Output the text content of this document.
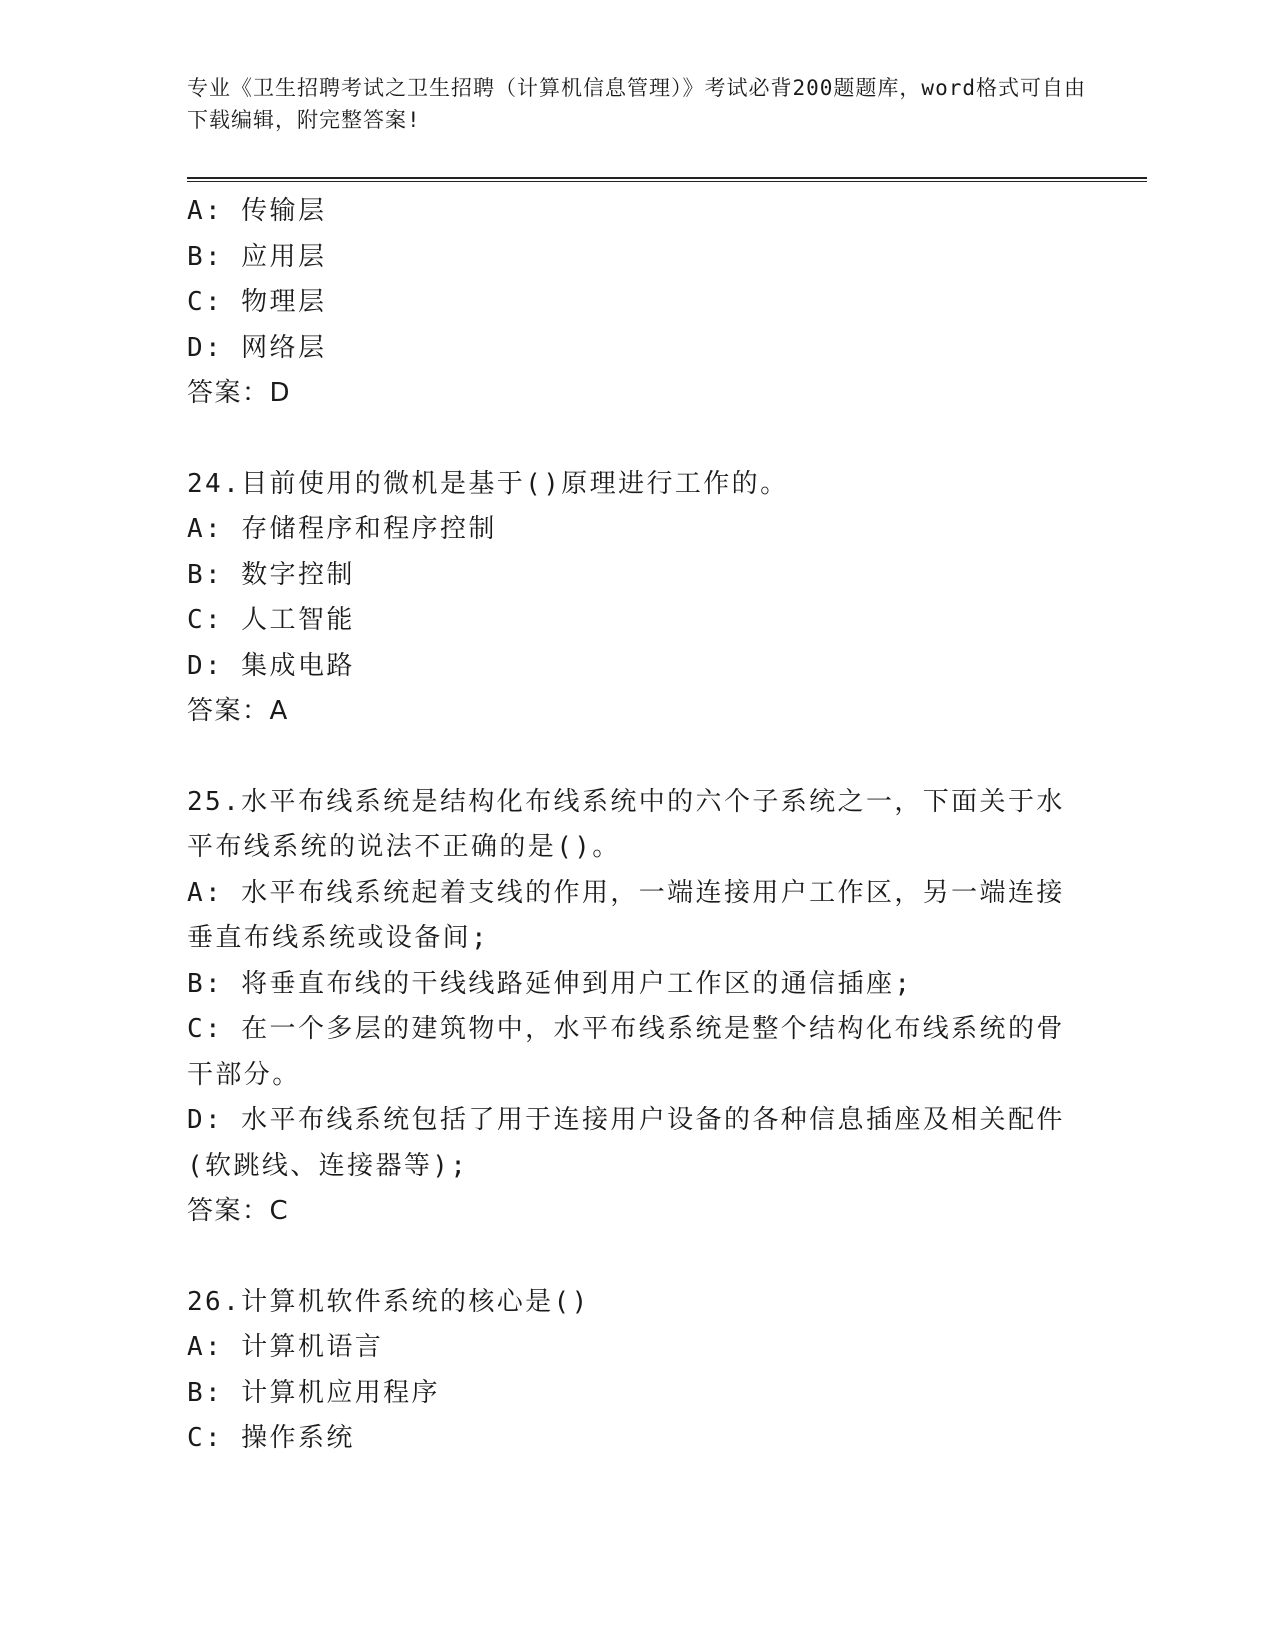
专业《卫生招聘考试之卫生招聘（计算机信息管理）》考试必背200题题库，word格式可自由下载编辑，附完整答案!
A: 传输层
B: 应用层
C: 物理层
D: 网络层
答案：D
24.目前使用的微机是基于()原理进行工作的。
A: 存储程序和程序控制
B: 数字控制
C: 人工智能
D: 集成电路
答案：A
25.水平布线系统是结构化布线系统中的六个子系统之一，下面关于水平布线系统的说法不正确的是()。
A: 水平布线系统起着支线的作用，一端连接用户工作区，另一端连接垂直布线系统或设备间;
B: 将垂直布线的干线线路延伸到用户工作区的通信插座;
C: 在一个多层的建筑物中，水平布线系统是整个结构化布线系统的骨干部分。
D: 水平布线系统包括了用于连接用户设备的各种信息插座及相关配件(软跳线、连接器等);
答案：C
26.计算机软件系统的核心是()
A: 计算机语言
B: 计算机应用程序
C: 操作系统
